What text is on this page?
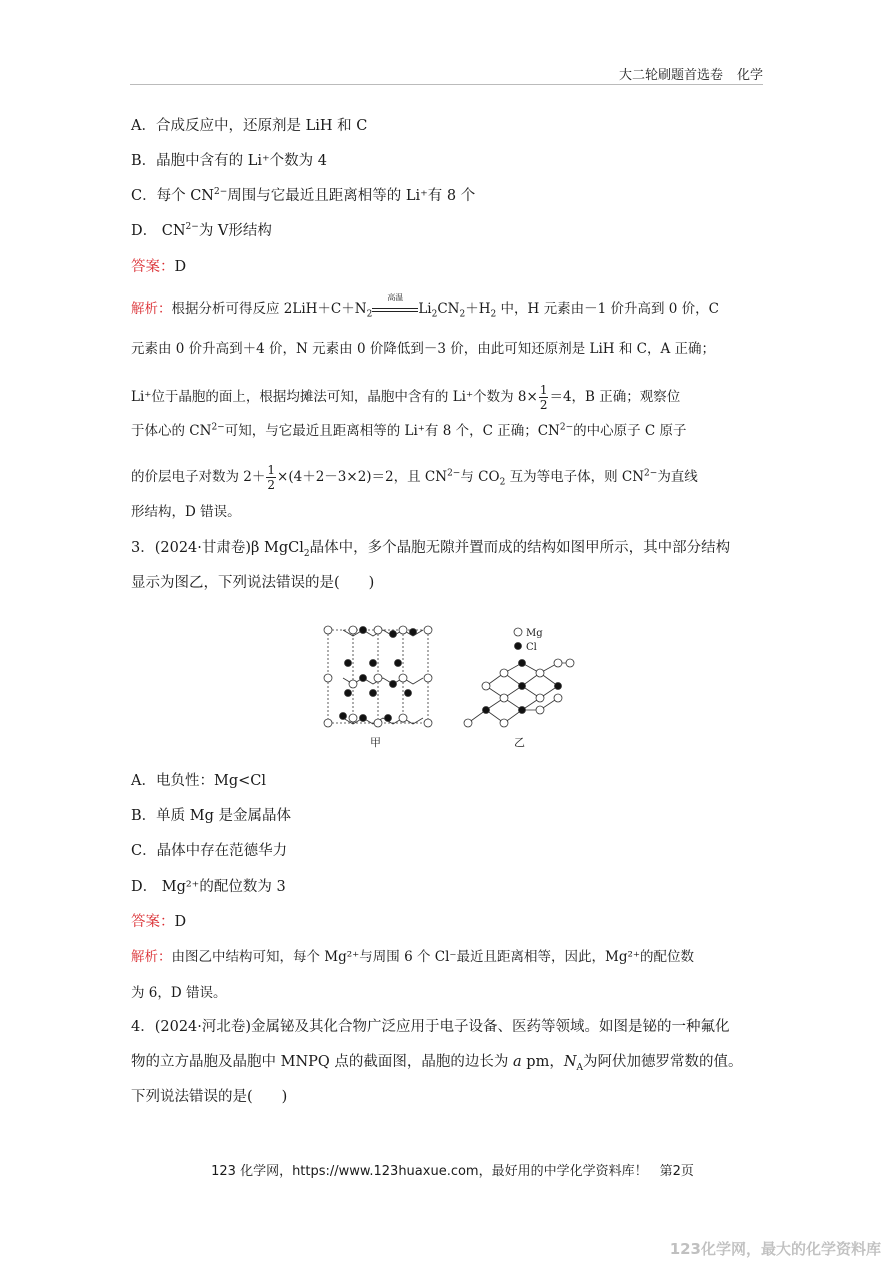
大二轮刷题首选卷 化学
A．合成反应中，还原剂是 LiH 和 C
B．晶胞中含有的 Li⁺个数为 4
C．每个 $CN^{2-}$周围与它最近且距离相等的 Li⁺有 8 个
D． $CN^{2-}$为 V形结构
答案：D
解析：根据分析可得反应 $2LiH+C+N_2$
高温
$Li_2CN_2+H_2$ 中，H 元素由－1 价升高到 0 价，C
元素由 0 价升高到＋4 价，N 元素由 0 价降低到－3 价，由此可知还原剂是 LiH 和 C，A 正确；
Li⁺位于晶胞的面上，根据均摊法可知，晶胞中含有的 Li⁺个数为 $8\times \frac{1}{2} =4$，B 正确；观察位
于体心的 $CN^{2-}$可知，与它最近且距离相等的 Li⁺有 8 个，C 正确；$CN^{2-}$的中心原子 C 原子
的价层电子对数为 $2+ \frac{1}{2} \times(4+2-3\times 2)=2$，且 $CN^{2-}$与 $CO_2$ 互为等电子体，则 $CN^{2-}$为直线
形结构，D 错误。
3．(2024·甘肃卷)β MgCl$_2$晶体中，多个晶胞无隙并置而成的结构如图甲所示，其中部分结构
显示为图乙，下列说法错误的是(　　)
Mg
Cl
甲	乙
A．电负性：Mg<Cl
B．单质 Mg 是金属晶体
C．晶体中存在范德华力
D． Mg²⁺的配位数为 3
答案：D
解析：由图乙中结构可知，每个 Mg²⁺与周围 6 个 Cl⁻最近且距离相等，因此，Mg²⁺的配位数
为 6，D 错误。
4．(2024·河北卷)金属铋及其化合物广泛应用于电子设备、医药等领域。如图是铋的一种氟化
物的立方晶胞及晶胞中 MNPQ 点的截面图，晶胞的边长为 a pm，$N_A$为阿伏加德罗常数的值。
下列说法错误的是(　　)
123 化学网，https://www.123huaxue.com，最好用的中学化学资料库！ 第2页
123化学网，最大的化学资料库
